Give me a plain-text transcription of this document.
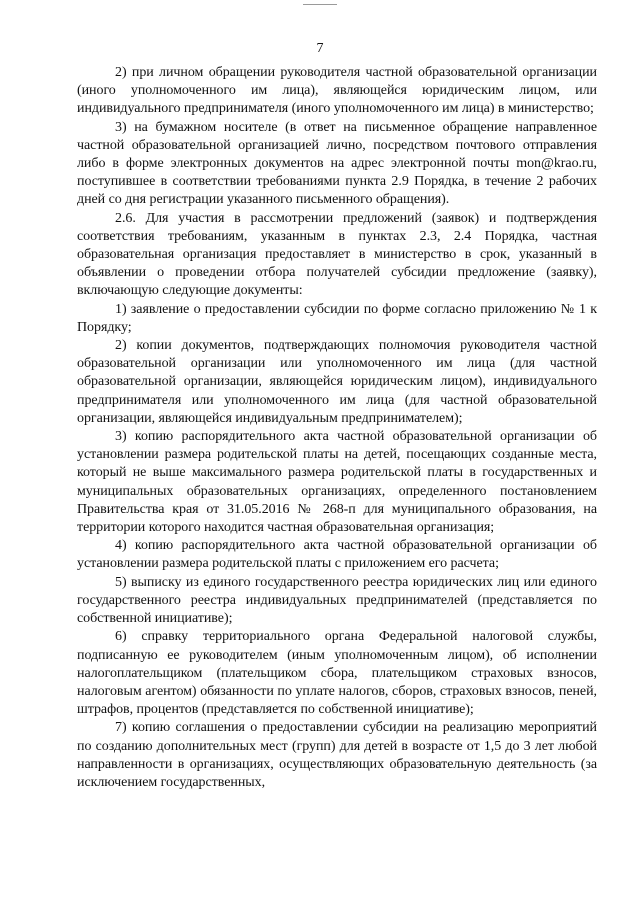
7

2) при личном обращении руководителя частной образовательной организации (иного уполномоченного им лица), являющейся юридическим лицом, или индивидуального предпринимателя (иного уполномоченного им лица) в министерство;

3) на бумажном носителе (в ответ на письменное обращение направленное частной образовательной организацией лично, посредством почтового отправления либо в форме электронных документов на адрес электронной почты mon@krao.ru, поступившее в соответствии требованиями пункта 2.9 Порядка, в течение 2 рабочих дней со дня регистрации указанного письменного обращения).

2.6. Для участия в рассмотрении предложений (заявок) и подтверждения соответствия требованиям, указанным в пунктах 2.3, 2.4 Порядка, частная образовательная организация предоставляет в министерство в срок, указанный в объявлении о проведении отбора получателей субсидии предложение (заявку), включающую следующие документы:

1) заявление о предоставлении субсидии по форме согласно приложению № 1 к Порядку;

2) копии документов, подтверждающих полномочия руководителя частной образовательной организации или уполномоченного им лица (для частной образовательной организации, являющейся юридическим лицом), индивидуального предпринимателя или уполномоченного им лица (для частной образовательной организации, являющейся индивидуальным предпринимателем);

3) копию распорядительного акта частной образовательной организации об установлении размера родительской платы на детей, посещающих созданные места, который не выше максимального размера родительской платы в государственных и муниципальных образовательных организациях, определенного постановлением Правительства края от 31.05.2016 № 268-п для муниципального образования, на территории которого находится частная образовательная организация;

4) копию распорядительного акта частной образовательной организации об установлении размера родительской платы с приложением его расчета;

5) выписку из единого государственного реестра юридических лиц или единого государственного реестра индивидуальных предпринимателей (представляется по собственной инициативе);

6) справку территориального органа Федеральной налоговой службы, подписанную ее руководителем (иным уполномоченным лицом), об исполнении налогоплательщиком (плательщиком сбора, плательщиком страховых взносов, налоговым агентом) обязанности по уплате налогов, сборов, страховых взносов, пеней, штрафов, процентов (представляется по собственной инициативе);

7) копию соглашения о предоставлении субсидии на реализацию мероприятий по созданию дополнительных мест (групп) для детей в возрасте от 1,5 до 3 лет любой направленности в организациях, осуществляющих образовательную деятельность (за исключением государственных,
